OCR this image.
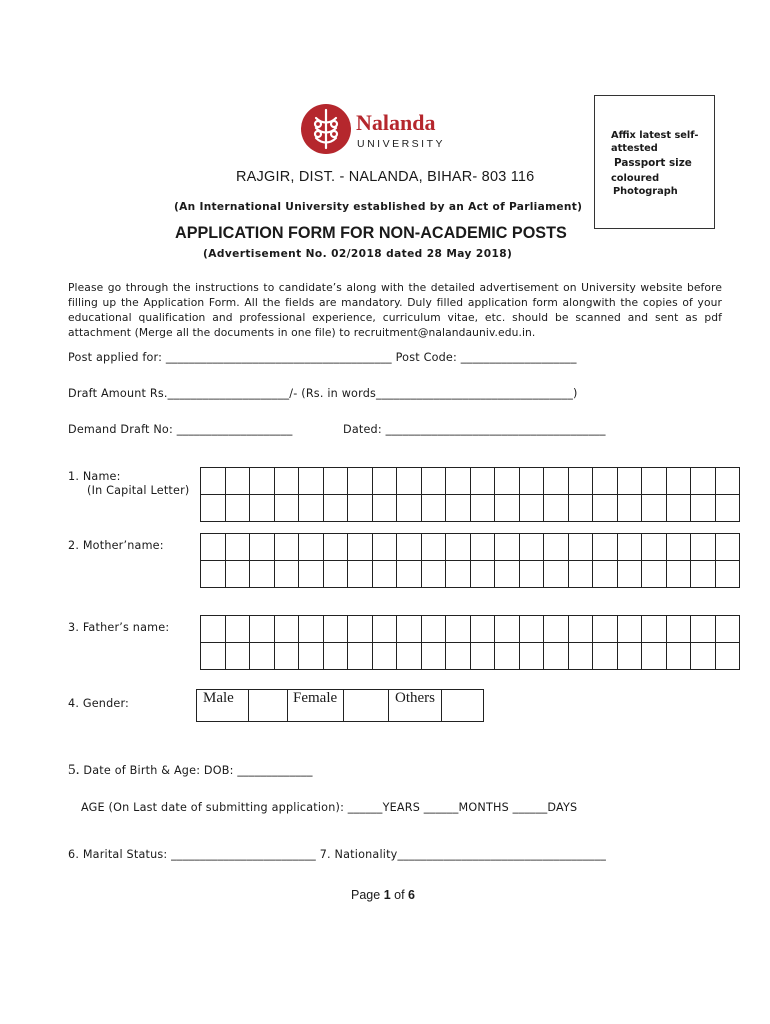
Nalanda
UNIVERSITY
RAJGIR, DIST. - NALANDA, BIHAR- 803 116
(An International University established by an Act of Parliament)
Affix latest self-
attested
Passport size
coloured
Photograph
APPLICATION FORM FOR NON-ACADEMIC POSTS
(Advertisement No. 02/2018 dated 28 May 2018)
Please go through the instructions to candidate’s along with the detailed advertisement on University website before
filling up the Application Form. All the fields are mandatory. Duly filled application form alongwith the copies of your
educational qualification and professional experience, curriculum vitae, etc. should be scanned and sent as pdf
attachment (Merge all the documents in one file) to recruitment@nalandauniv.edu.in.
Post applied for: _______________________________________ Post Code: ____________________
Draft Amount Rs._____________________/- (Rs. in words__________________________________)
Demand Draft No: ____________________	Dated: ______________________________________
1. Name:
(In Capital Letter)

2. Mother’name:

3. Father’s name:

4. Gender:	Male		Female		Others	
5. Date of Birth & Age: DOB: _____________
AGE (On Last date of submitting application): ______YEARS ______MONTHS ______DAYS
6. Marital Status: _________________________ 7. Nationality____________________________________
Page 1 of 6
